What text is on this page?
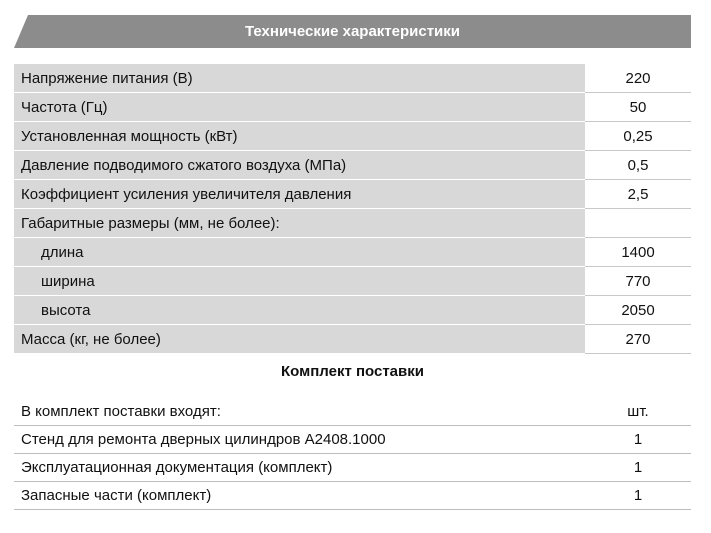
Технические характеристики
Напряжение питания (В)	220
Частота (Гц)	50
Установленная мощность (кВт)	0,25
Давление подводимого сжатого воздуха (МПа)	0,5
Коэффициент усиления увеличителя давления	2,5
Габаритные размеры (мм, не более):	
длина	1400
ширина	770
высота	2050
Масса (кг, не более)	270
Комплект поставки
В комплект поставки входят:	шт.
Стенд для ремонта дверных цилиндров А2408.1000	1
Эксплуатационная документация (комплект)	1
Запасные части (комплект)	1
